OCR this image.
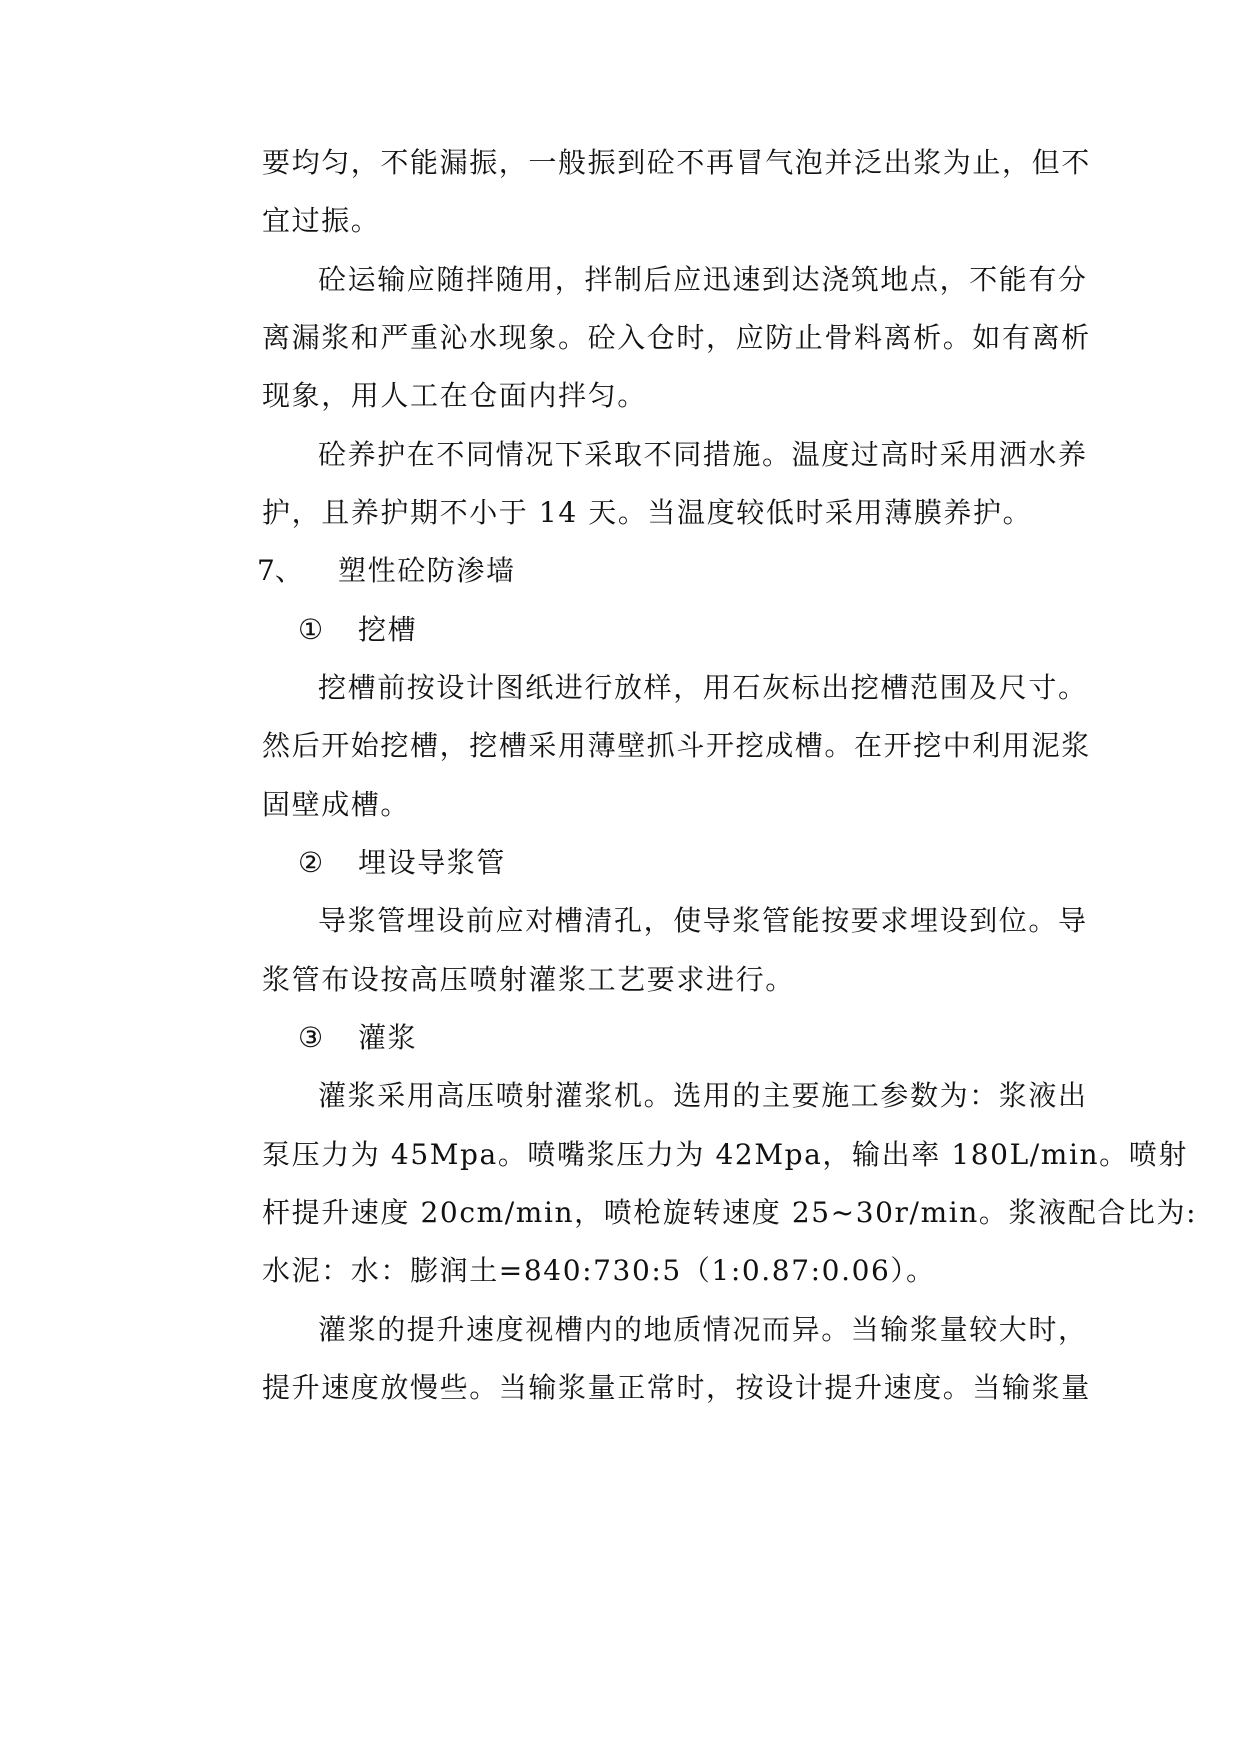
要均匀，不能漏振，一般振到砼不再冒气泡并泛出浆为止，但不
宜过振。
砼运输应随拌随用，拌制后应迅速到达浇筑地点，不能有分
离漏浆和严重沁水现象。砼入仓时，应防止骨料离析。如有离析
现象，用人工在仓面内拌匀。
砼养护在不同情况下采取不同措施。温度过高时采用洒水养
护，且养护期不小于 14 天。当温度较低时采用薄膜养护。
7、 塑性砼防渗墙
① 挖槽
挖槽前按设计图纸进行放样，用石灰标出挖槽范围及尺寸。
然后开始挖槽，挖槽采用薄壁抓斗开挖成槽。在开挖中利用泥浆
固壁成槽。
② 埋设导浆管
导浆管埋设前应对槽清孔，使导浆管能按要求埋设到位。导
浆管布设按高压喷射灌浆工艺要求进行。
③ 灌浆
灌浆采用高压喷射灌浆机。选用的主要施工参数为：浆液出
泵压力为 45Mpa。喷嘴浆压力为 42Mpa，输出率 180L/min。喷射
杆提升速度 20cm/min，喷枪旋转速度 25~30r/min。浆液配合比为:
水泥：水：膨润土=840:730:5（1:0.87:0.06）。
灌浆的提升速度视槽内的地质情况而异。当输浆量较大时，
提升速度放慢些。当输浆量正常时，按设计提升速度。当输浆量
